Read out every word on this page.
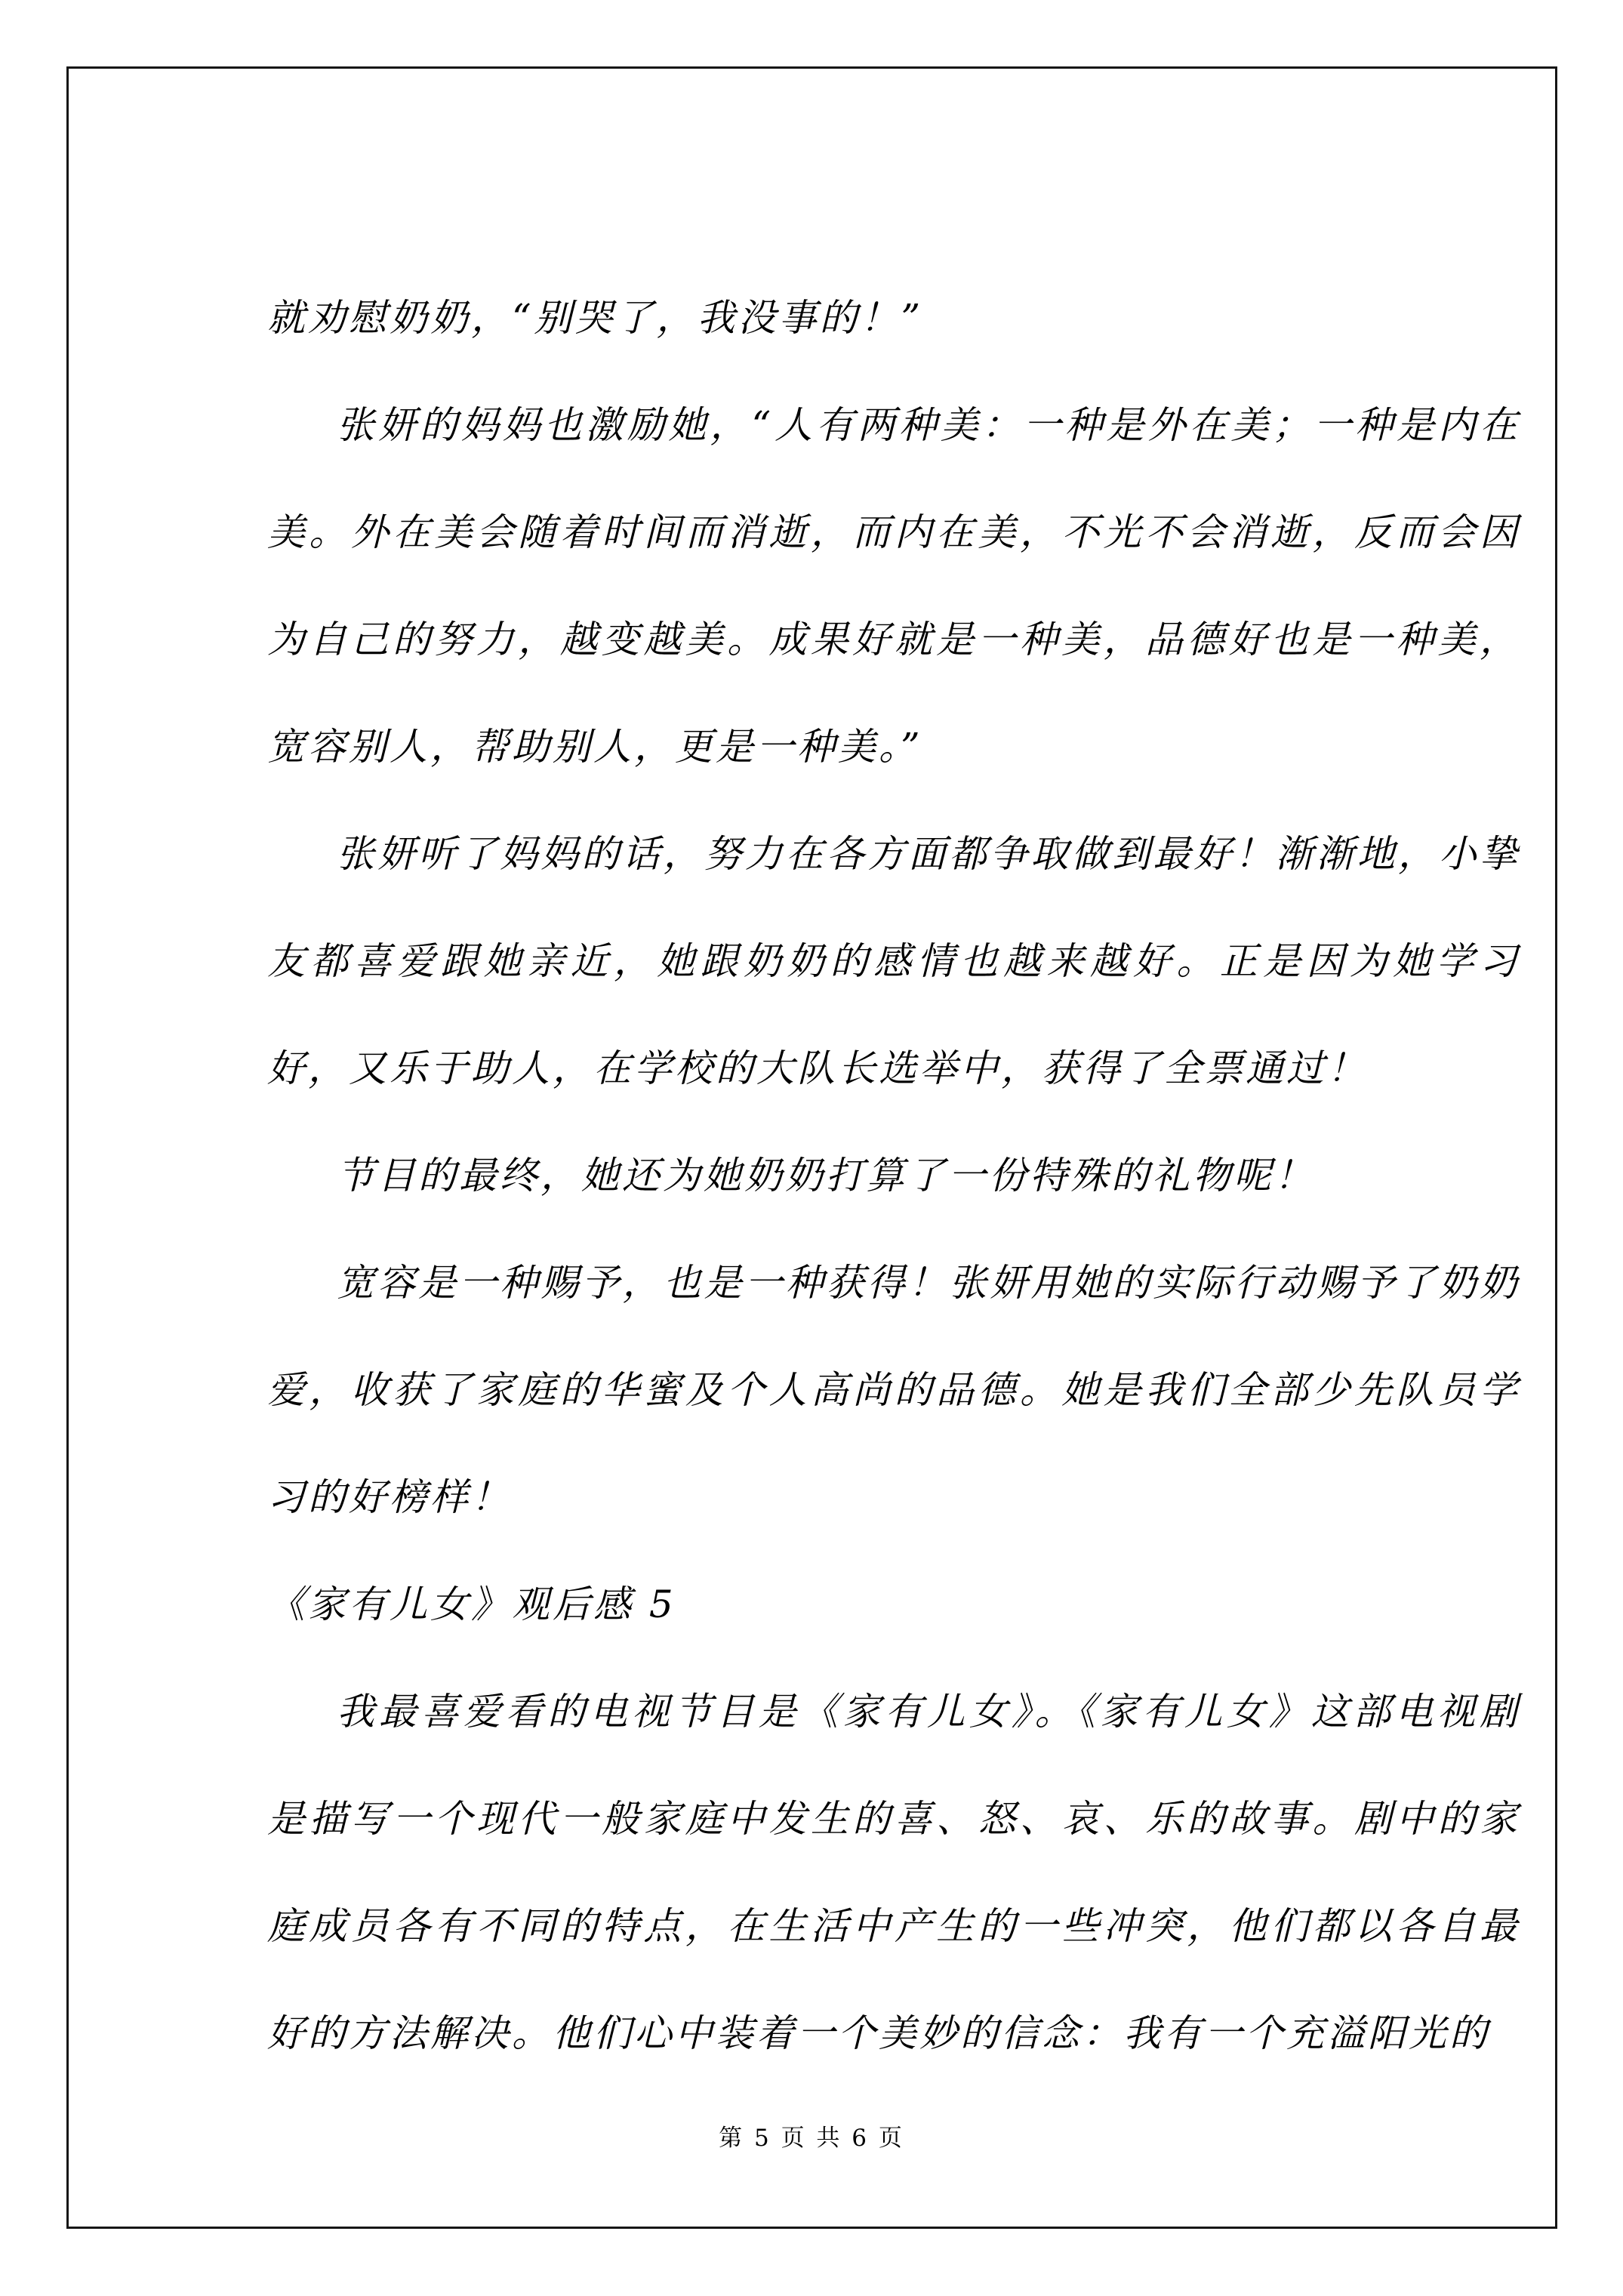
就劝慰奶奶，“别哭了，我没事的！”

张妍的妈妈也激励她，“人有两种美：一种是外在美；一种是内在美。外在美会随着时间而消逝，而内在美，不光不会消逝，反而会因为自己的努力，越变越美。成果好就是一种美，品德好也是一种美，宽容别人，帮助别人，更是一种美。”

张妍听了妈妈的话，努力在各方面都争取做到最好！渐渐地，小挚友都喜爱跟她亲近，她跟奶奶的感情也越来越好。正是因为她学习好，又乐于助人，在学校的大队长选举中，获得了全票通过！

节目的最终，她还为她奶奶打算了一份特殊的礼物呢！

宽容是一种赐予，也是一种获得！张妍用她的实际行动赐予了奶奶爱，收获了家庭的华蜜及个人高尚的品德。她是我们全部少先队员学习的好榜样！

《家有儿女》观后感 5

我最喜爱看的电视节目是《家有儿女》。《家有儿女》这部电视剧是描写一个现代一般家庭中发生的喜、怒、哀、乐的故事。剧中的家庭成员各有不同的特点，在生活中产生的一些冲突，他们都以各自最好的方法解决。他们心中装着一个美妙的信念：我有一个充溢阳光的

第 5 页 共 6 页
